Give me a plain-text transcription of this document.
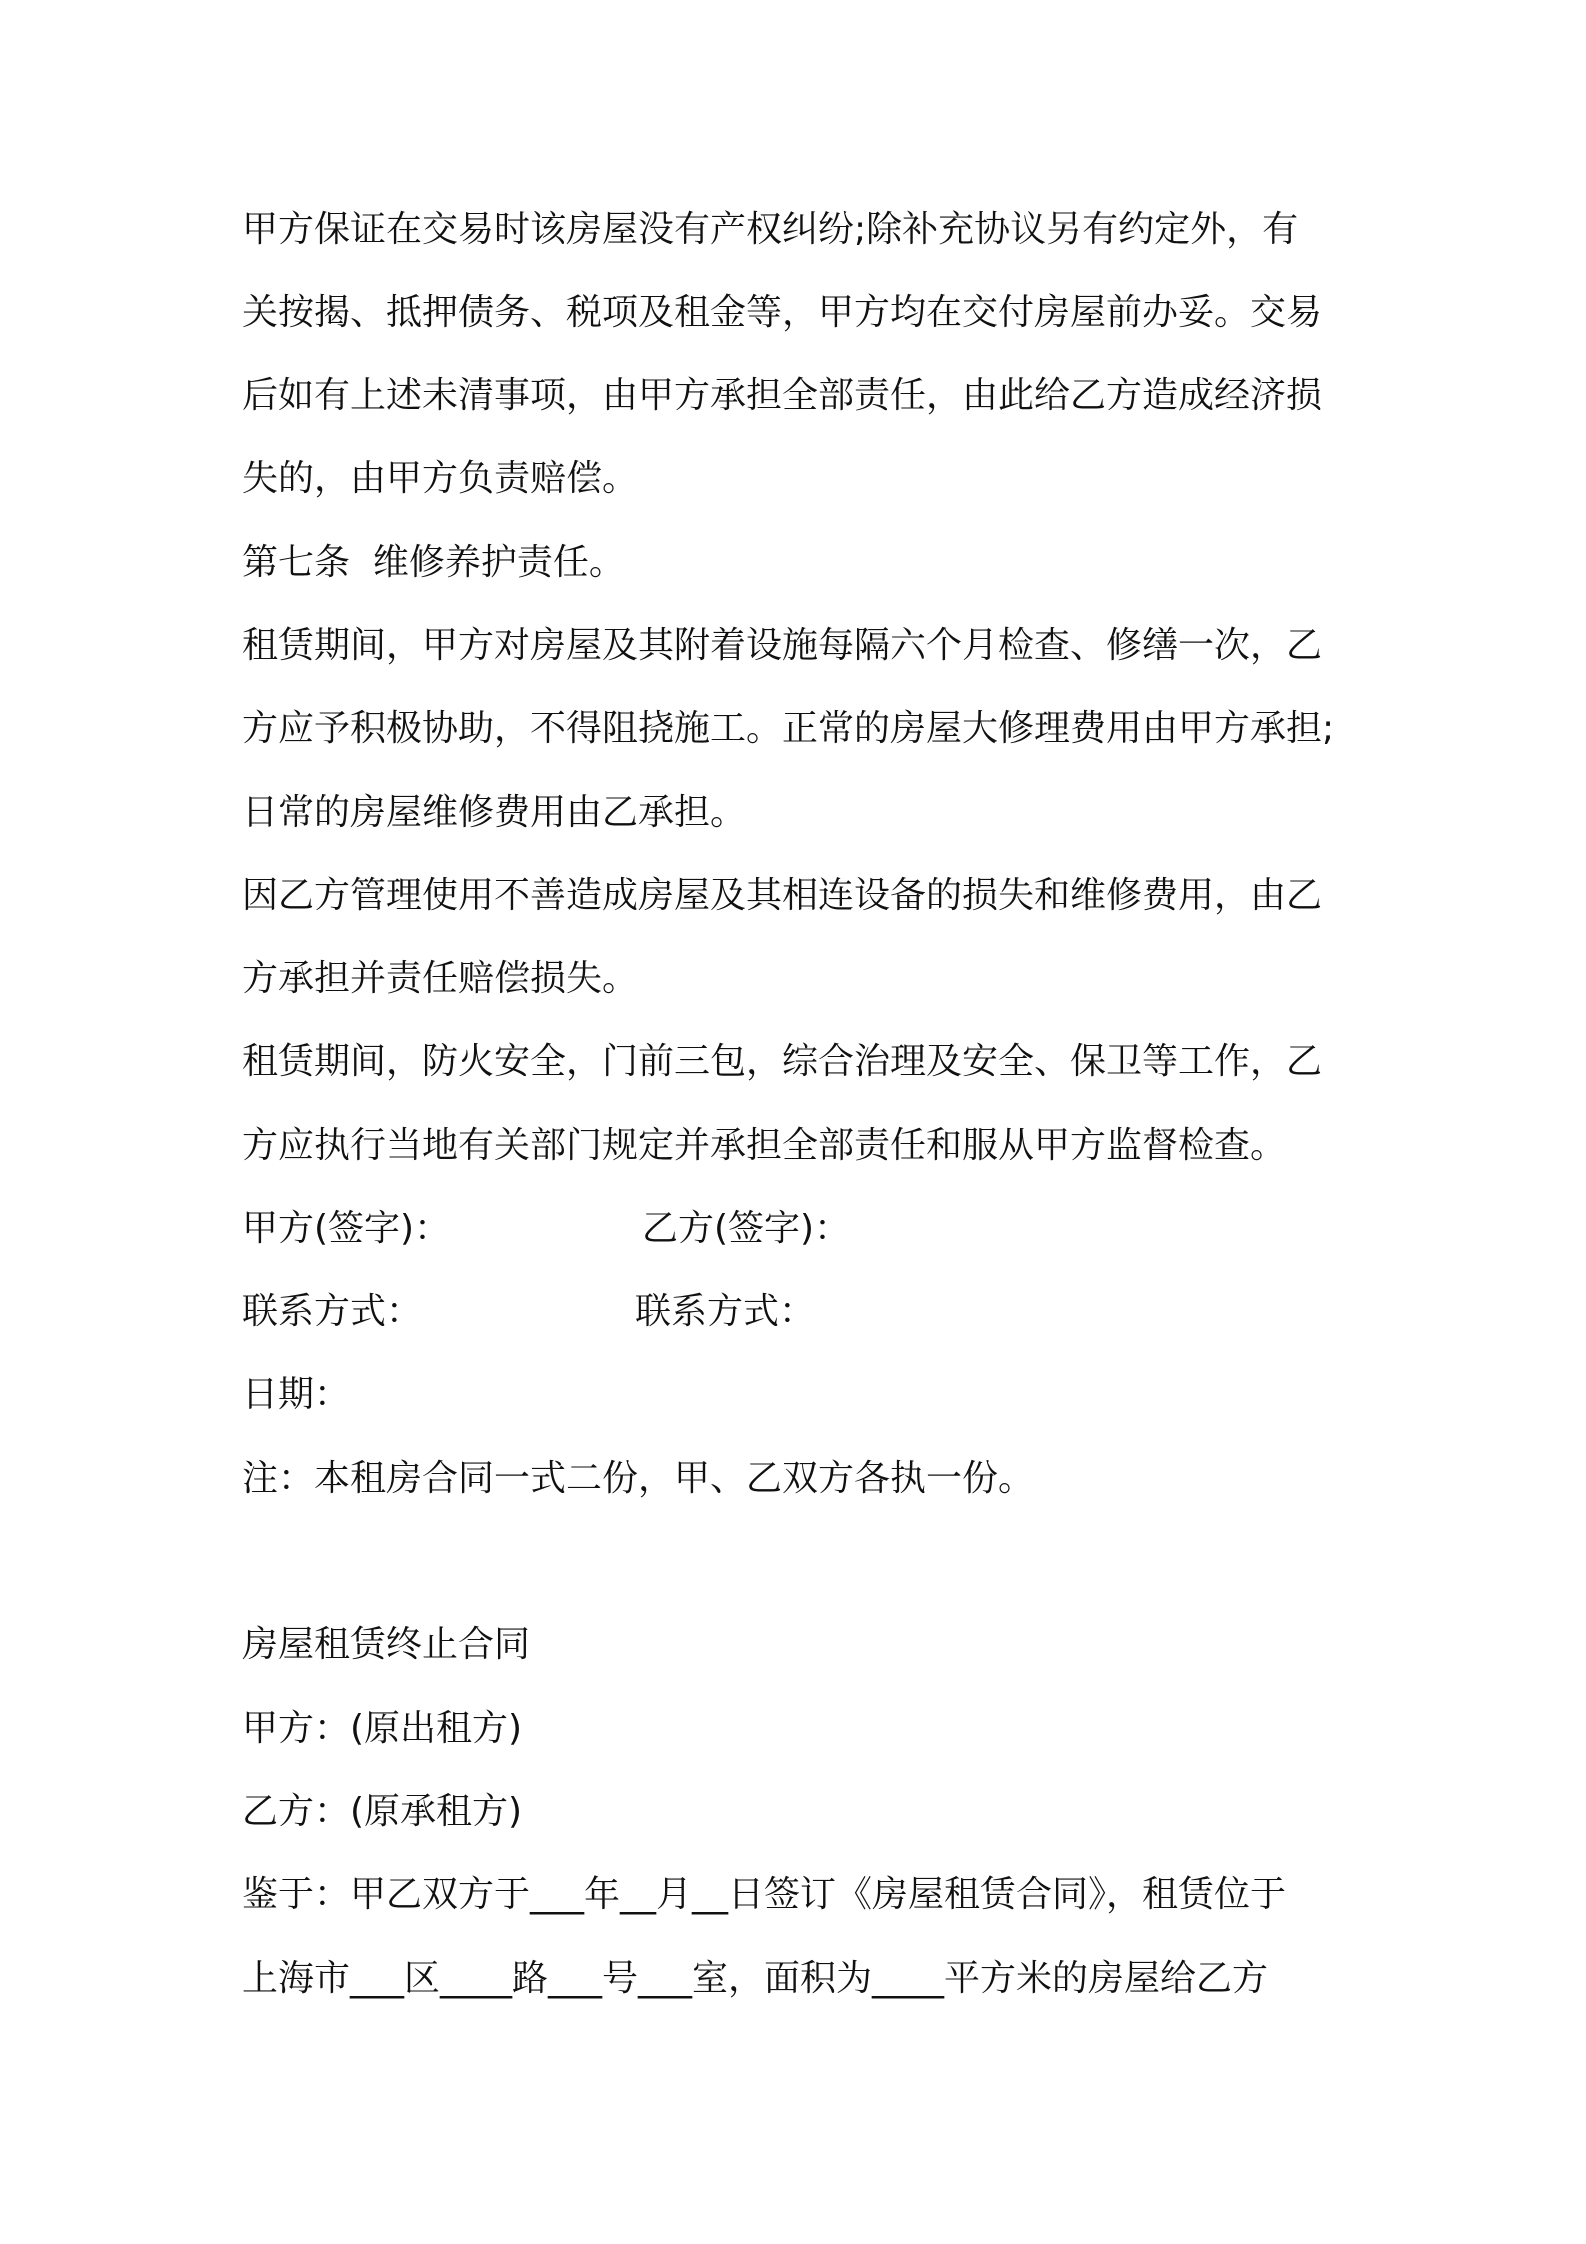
甲方保证在交易时该房屋没有产权纠纷;除补充协议另有约定外，有

关按揭、抵押债务、税项及租金等，甲方均在交付房屋前办妥。交易

后如有上述未清事项，由甲方承担全部责任，由此给乙方造成经济损

失的，由甲方负责赔偿。

第七条  维修养护责任。

租赁期间，甲方对房屋及其附着设施每隔六个月检查、修缮一次，乙

方应予积极协助，不得阻挠施工。正常的房屋大修理费用由甲方承担;

日常的房屋维修费用由乙承担。

因乙方管理使用不善造成房屋及其相连设备的损失和维修费用，由乙

方承担并责任赔偿损失。

租赁期间，防火安全，门前三包，综合治理及安全、保卫等工作，乙

方应执行当地有关部门规定并承担全部责任和服从甲方监督检查。

甲方(签字)：	乙方(签字)：

联系方式：	联系方式：

日期：

注：本租房合同一式二份，甲、乙双方各执一份。

房屋租赁终止合同

甲方：(原出租方)

乙方：(原承租方)

鉴于：甲乙双方于___年__月__日签订《房屋租赁合同》，租赁位于

上海市___区____路___号___室，面积为____平方米的房屋给乙方
